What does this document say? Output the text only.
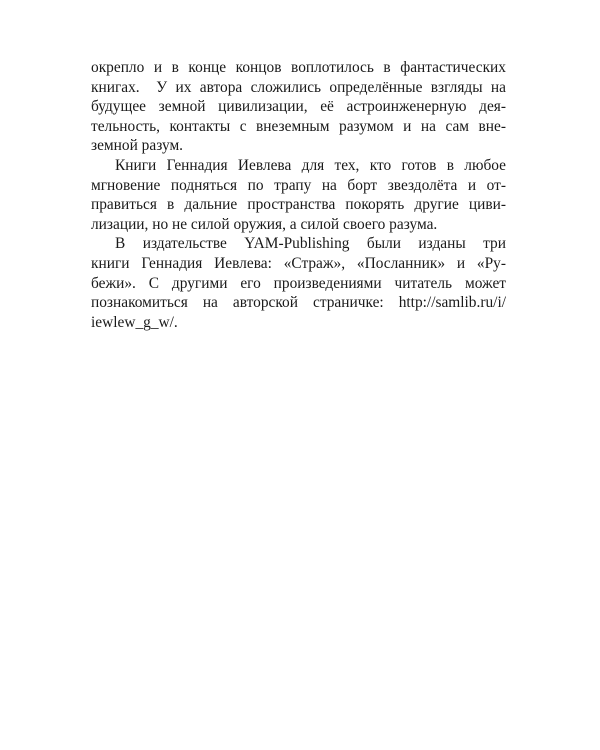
окрепло и в конце концов воплотилось в фантастических
книгах.  У их автора сложились определённые взгляды на
будущее земной цивилизации, её астроинженерную дея-
тельность, контакты с внеземным разумом и на сам вне-
земной разум.
Книги Геннадия Иевлева для тех, кто готов в любое
мгновение подняться по трапу на борт звездолёта и от-
правиться в дальние пространства покорять другие циви-
лизации, но не силой оружия, а силой своего разума.
В издательстве YAM-Publishing были изданы три
книги Геннадия Иевлева: «Страж», «Посланник» и «Ру-
бежи». С другими его произведениями читатель может
познакомиться на авторской страничке: http://samlib.ru/i/
iewlew_g_w/.
